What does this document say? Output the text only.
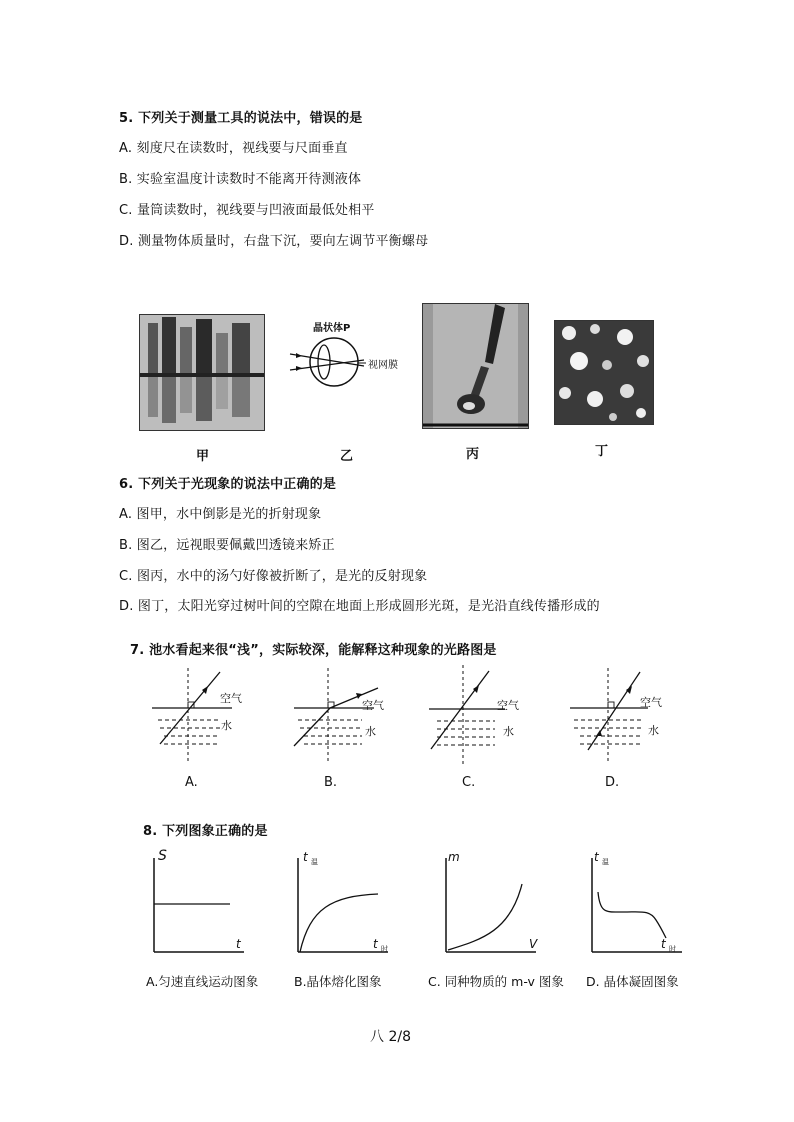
5. 下列关于测量工具的说法中，错误的是
A. 刻度尺在读数时，视线要与尺面垂直
B. 实验室温度计读数时不能离开待测液体
C. 量筒读数时，视线要与凹液面最低处相平
D. 测量物体质量时，右盘下沉，要向左调节平衡螺母
甲
晶状体P
视网膜
乙	丙	丁
6. 下列关于光现象的说法中正确的是
A. 图甲，水中倒影是光的折射现象
B. 图乙，远视眼要佩戴凹透镜来矫正
C. 图丙，水中的汤勺好像被折断了，是光的反射现象
D. 图丁，太阳光穿过树叶间的空隙在地面上形成圆形光斑，是光沿直线传播形成的
7. 池水看起来很“浅”，实际较深，能解释这种现象的光路图是
空气
水
A.
空气
水
B.
空气
水
C.
空气
水
D.
8. 下列图象正确的是
S
t
A.匀速直线运动图象
t 温
t 时
B.晶体熔化图象
m
V
C. 同种物质的 m-v 图象
t 温
t 时
D. 晶体凝固图象
八 2/8
